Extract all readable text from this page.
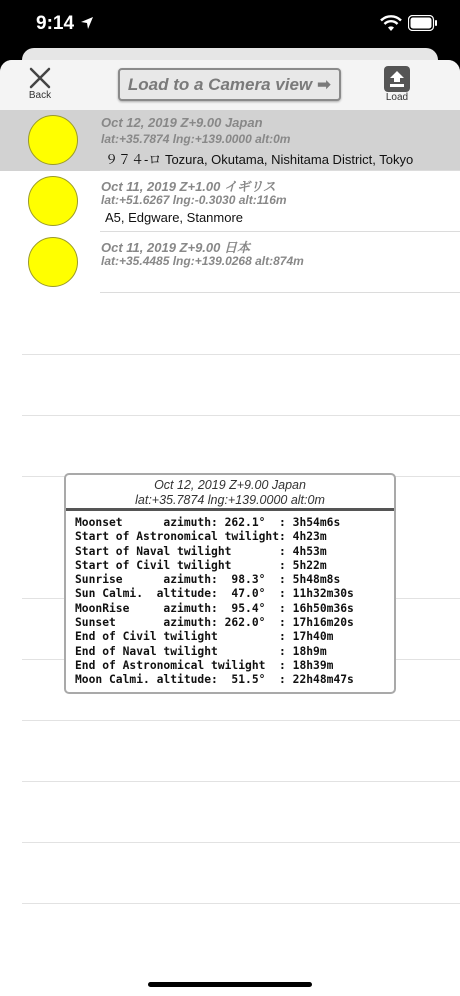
9:14
Back
Load to a Camera view ➡
Load
Oct 12, 2019 Z+9.00 Japan
lat:+35.7874 lng:+139.0000 alt:0m
９７４-ロ Tozura, Okutama, Nishitama District, Tokyo
Oct 11, 2019 Z+1.00 イギリス
lat:+51.6267 lng:-0.3030 alt:116m
A5, Edgware, Stanmore
Oct 11, 2019 Z+9.00 日本
lat:+35.4485 lng:+139.0268 alt:874m
Oct 12, 2019 Z+9.00 Japan
lat:+35.7874 lng:+139.0000 alt:0m
Moonset      azimuth: 262.1°  : 3h54m6s
Start of Astronomical twilight: 4h23m
Start of Naval twilight       : 4h53m
Start of Civil twilight       : 5h22m
Sunrise      azimuth:  98.3°  : 5h48m8s
Sun Calmi.  altitude:  47.0°  : 11h32m30s
MoonRise     azimuth:  95.4°  : 16h50m36s
Sunset       azimuth: 262.0°  : 17h16m20s
End of Civil twilight         : 17h40m
End of Naval twilight         : 18h9m
End of Astronomical twilight  : 18h39m
Moon Calmi. altitude:  51.5°  : 22h48m47s
